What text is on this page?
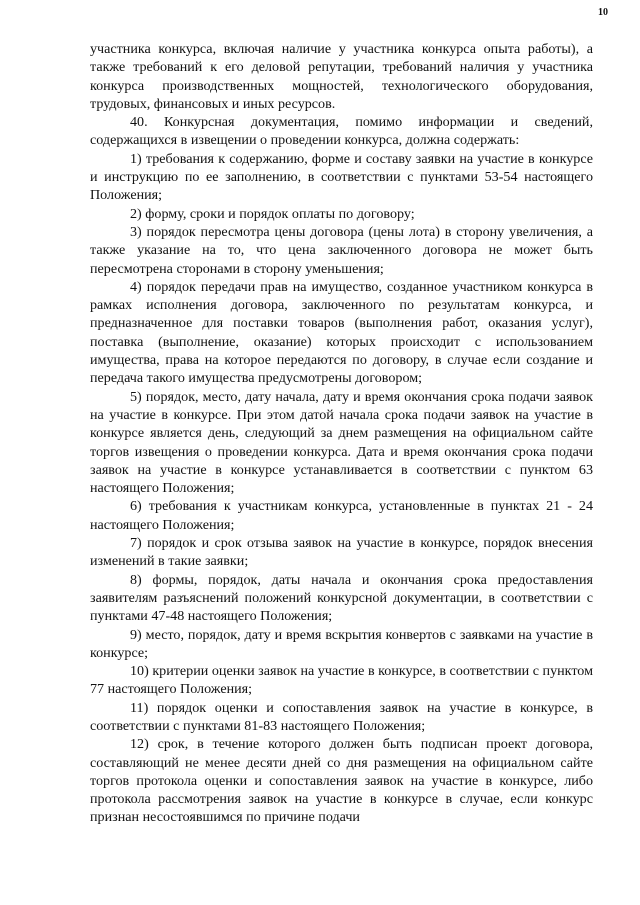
10

участника конкурса, включая наличие у участника конкурса опыта работы), а также требований к его деловой репутации, требований наличия у участника конкурса производственных мощностей, технологического оборудования, трудовых, финансовых и иных ресурсов.

40. Конкурсная документация, помимо информации и сведений, содержащихся в извещении о проведении конкурса, должна содержать:

1) требования к содержанию, форме и составу заявки на участие в конкурсе и инструкцию по ее заполнению, в соответствии с пунктами 53-54 настоящего Положения;

2) форму, сроки и порядок оплаты по договору;

3) порядок пересмотра цены договора (цены лота) в сторону увеличения, а также указание на то, что цена заключенного договора не может быть пересмотрена сторонами в сторону уменьшения;

4) порядок передачи прав на имущество, созданное участником конкурса в рамках исполнения договора, заключенного по результатам конкурса, и предназначенное для поставки товаров (выполнения работ, оказания услуг), поставка (выполнение, оказание) которых происходит с использованием имущества, права на которое передаются по договору, в случае если создание и передача такого имущества предусмотрены договором;

5) порядок, место, дату начала, дату и время окончания срока подачи заявок на участие в конкурсе. При этом датой начала срока подачи заявок на участие в конкурсе является день, следующий за днем размещения на официальном сайте торгов извещения о проведении конкурса. Дата и время окончания срока подачи заявок на участие в конкурсе устанавливается в соответствии с пунктом 63 настоящего Положения;

6) требования к участникам конкурса, установленные в пунктах 21 - 24 настоящего Положения;

7) порядок и срок отзыва заявок на участие в конкурсе, порядок внесения изменений в такие заявки;

8) формы, порядок, даты начала и окончания срока предоставления заявителям разъяснений положений конкурсной документации, в соответствии с пунктами 47-48 настоящего Положения;

9) место, порядок, дату и время вскрытия конвертов с заявками на участие в конкурсе;

10) критерии оценки заявок на участие в конкурсе, в соответствии с пунктом 77 настоящего Положения;

11) порядок оценки и сопоставления заявок на участие в конкурсе, в соответствии с пунктами 81-83 настоящего Положения;

12) срок, в течение которого должен быть подписан проект договора, составляющий не менее десяти дней со дня размещения на официальном сайте торгов протокола оценки и сопоставления заявок на участие в конкурсе, либо протокола рассмотрения заявок на участие в конкурсе в случае, если конкурс признан несостоявшимся по причине подачи
